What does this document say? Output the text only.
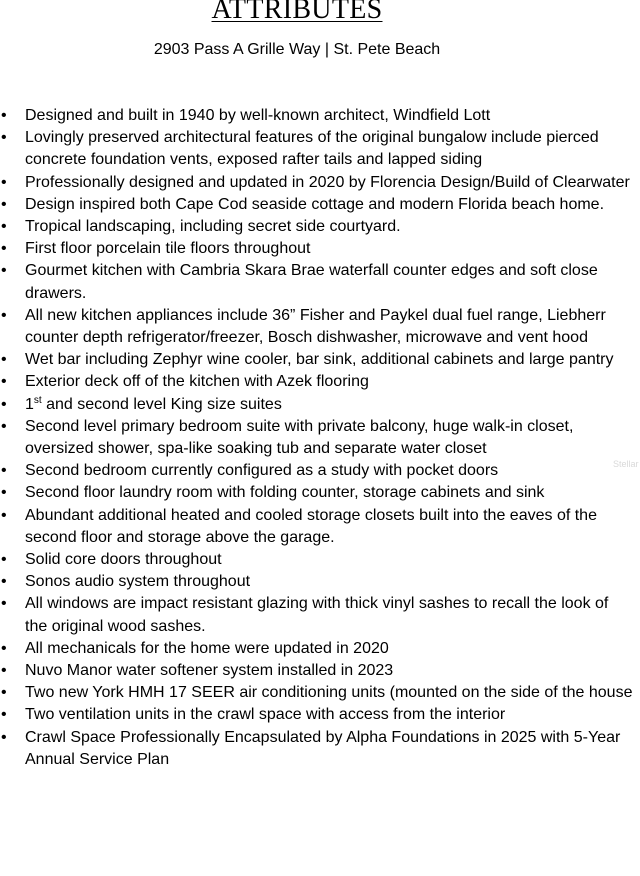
ATTRIBUTES
2903 Pass A Grille Way | St. Pete Beach
• Designed and built in 1940 by well-known architect, Windfield Lott
• Lovingly preserved architectural features of the original bungalow include pierced concrete foundation vents, exposed rafter tails and lapped siding
• Professionally designed and updated in 2020 by Florencia Design/Build of Clearwater
• Design inspired both Cape Cod seaside cottage and modern Florida beach home.
• Tropical landscaping, including secret side courtyard.
• First floor porcelain tile floors throughout
• Gourmet kitchen with Cambria Skara Brae waterfall counter edges and soft close drawers.
• All new kitchen appliances include 36” Fisher and Paykel dual fuel range, Liebherr counter depth refrigerator/freezer, Bosch dishwasher, microwave and vent hood
• Wet bar including Zephyr wine cooler, bar sink, additional cabinets and large pantry
• Exterior deck off of the kitchen with Azek flooring
• 1st and second level King size suites
• Second level primary bedroom suite with private balcony, huge walk-in closet, oversized shower, spa-like soaking tub and separate water closet
• Second bedroom currently configured as a study with pocket doors
• Second floor laundry room with folding counter, storage cabinets and sink
• Abundant additional heated and cooled storage closets built into the eaves of the second floor and storage above the garage.
• Solid core doors throughout
• Sonos audio system throughout
• All windows are impact resistant glazing with thick vinyl sashes to recall the look of the original wood sashes.
• All mechanicals for the home were updated in 2020
• Nuvo Manor water softener system installed in 2023
• Two new York HMH 17 SEER air conditioning units (mounted on the side of the house
• Two ventilation units in the crawl space with access from the interior
• Crawl Space Professionally Encapsulated by Alpha Foundations in 2025 with 5-Year Annual Service Plan
Stellar
